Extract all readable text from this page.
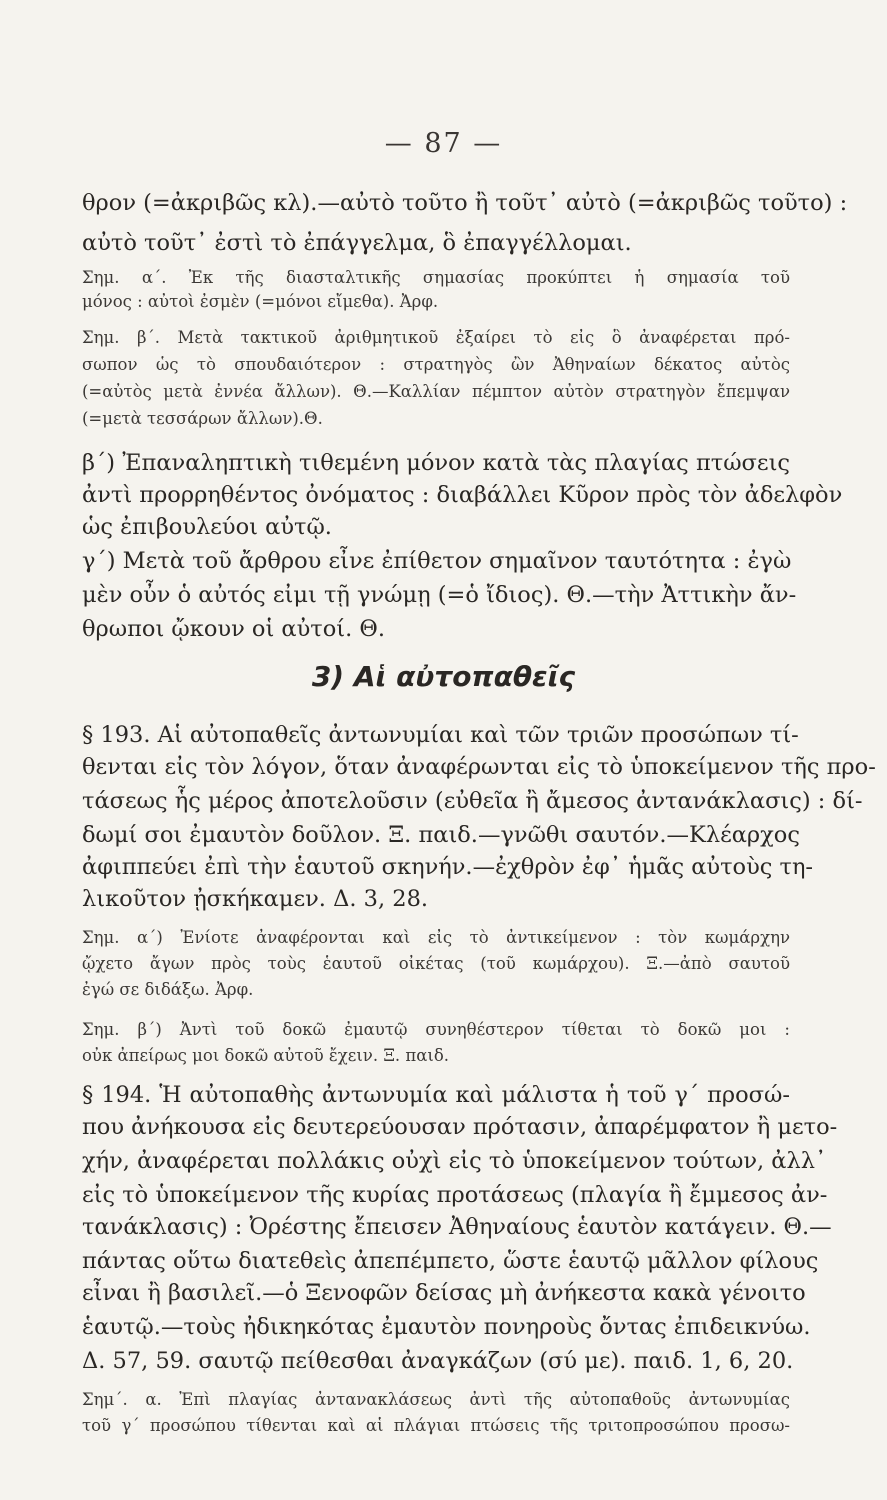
— 87 —
θρον (=ἀκριβῶς κλ).—αὐτὸ τοῦτο ἢ τοῦτ᾽ αὐτὸ (=ἀκριβῶς τοῦτο) :
αὐτὸ τοῦτ᾽ ἐστὶ τὸ ἐπάγγελμα, ὃ ἐπαγγέλλομαι.
Σημ. α΄. Ἐκ τῆς διασταλτικῆς σημασίας προκύπτει ἡ σημασία τοῦ
μόνος : αὐτοὶ ἐσμὲν (=μόνοι εἴμεθα). Ἀρφ.
Σημ. β΄. Μετὰ τακτικοῦ ἀριθμητικοῦ ἐξαίρει τὸ εἰς ὃ ἀναφέρεται πρό-
σωπον ὡς τὸ σπουδαιότερον : στρατηγὸς ὢν Ἀθηναίων δέκατος αὐτὸς
(=αὐτὸς μετὰ ἐννέα ἄλλων). Θ.—Καλλίαν πέμπτον αὐτὸν στρατηγὸν ἔπεμψαν
(=μετὰ τεσσάρων ἄλλων).Θ.
β΄) Ἐπαναληπτικὴ τιθεμένη μόνον κατὰ τὰς πλαγίας πτώσεις
ἀντὶ προρρηθέντος ὀνόματος : διαβάλλει Κῦρον πρὸς τὸν ἀδελφὸν
ὡς ἐπιβουλεύοι αὐτῷ.
γ΄) Μετὰ τοῦ ἄρθρου εἶνε ἐπίθετον σημαῖνον ταυτότητα : ἐγὼ
μὲν οὖν ὁ αὐτός εἰμι τῇ γνώμῃ (=ὁ ἴδιος). Θ.—τὴν Ἀττικὴν ἄν-
θρωποι ᾤκουν οἱ αὐτοί. Θ.
3) Αἱ αὐτοπαθεῖς
§ 193. Αἱ αὐτοπαθεῖς ἀντωνυμίαι καὶ τῶν τριῶν προσώπων τί-
θενται εἰς τὸν λόγον, ὅταν ἀναφέρωνται εἰς τὸ ὑποκείμενον τῆς προ-
τάσεως ἧς μέρος ἀποτελοῦσιν (εὐθεῖα ἢ ἄμεσος ἀντανάκλασις) : δί-
δωμί σοι ἐμαυτὸν δοῦλον. Ξ. παιδ.—γνῶθι σαυτόν.—Κλέαρχος
ἀφιππεύει ἐπὶ τὴν ἑαυτοῦ σκηνήν.—ἐχθρὸν ἐφ᾽ ἡμᾶς αὐτοὺς τη-
λικοῦτον ᾐσκήκαμεν. Δ. 3, 28.
Σημ. α΄) Ἐνίοτε ἀναφέρονται καὶ εἰς τὸ ἀντικείμενον : τὸν κωμάρχην
ᾤχετο ἄγων πρὸς τοὺς ἑαυτοῦ οἰκέτας (τοῦ κωμάρχου). Ξ.—ἀπὸ σαυτοῦ
ἐγώ σε διδάξω. Ἀρφ.
Σημ. β΄) Ἀντὶ τοῦ δοκῶ ἐμαυτῷ συνηθέστερον τίθεται τὸ δοκῶ μοι :
οὐκ ἀπείρως μοι δοκῶ αὐτοῦ ἔχειν. Ξ. παιδ.
§ 194. Ἡ αὐτοπαθὴς ἀντωνυμία καὶ μάλιστα ἡ τοῦ γ΄ προσώ-
που ἀνήκουσα εἰς δευτερεύουσαν πρότασιν, ἀπαρέμφατον ἢ μετο-
χήν, ἀναφέρεται πολλάκις οὐχὶ εἰς τὸ ὑποκείμενον τούτων, ἀλλ᾽
εἰς τὸ ὑποκείμενον τῆς κυρίας προτάσεως (πλαγία ἢ ἔμμεσος ἀν-
τανάκλασις) : Ὀρέστης ἔπεισεν Ἀθηναίους ἑαυτὸν κατάγειν. Θ.—
πάντας οὕτω διατεθεὶς ἀπεπέμπετο, ὥστε ἑαυτῷ μᾶλλον φίλους
εἶναι ἢ βασιλεῖ.—ὁ Ξενοφῶν δείσας μὴ ἀνήκεστα κακὰ γένοιτο
ἑαυτῷ.—τοὺς ἠδικηκότας ἐμαυτὸν πονηροὺς ὄντας ἐπιδεικνύω.
Δ. 57, 59. σαυτῷ πείθεσθαι ἀναγκάζων (σύ με). παιδ. 1, 6, 20.
Σημ΄. α. Ἐπὶ πλαγίας ἀντανακλάσεως ἀντὶ τῆς αὐτοπαθοῦς ἀντωνυμίας
τοῦ γ΄ προσώπου τίθενται καὶ αἱ πλάγιαι πτώσεις τῆς τριτοπροσώπου προσω-
